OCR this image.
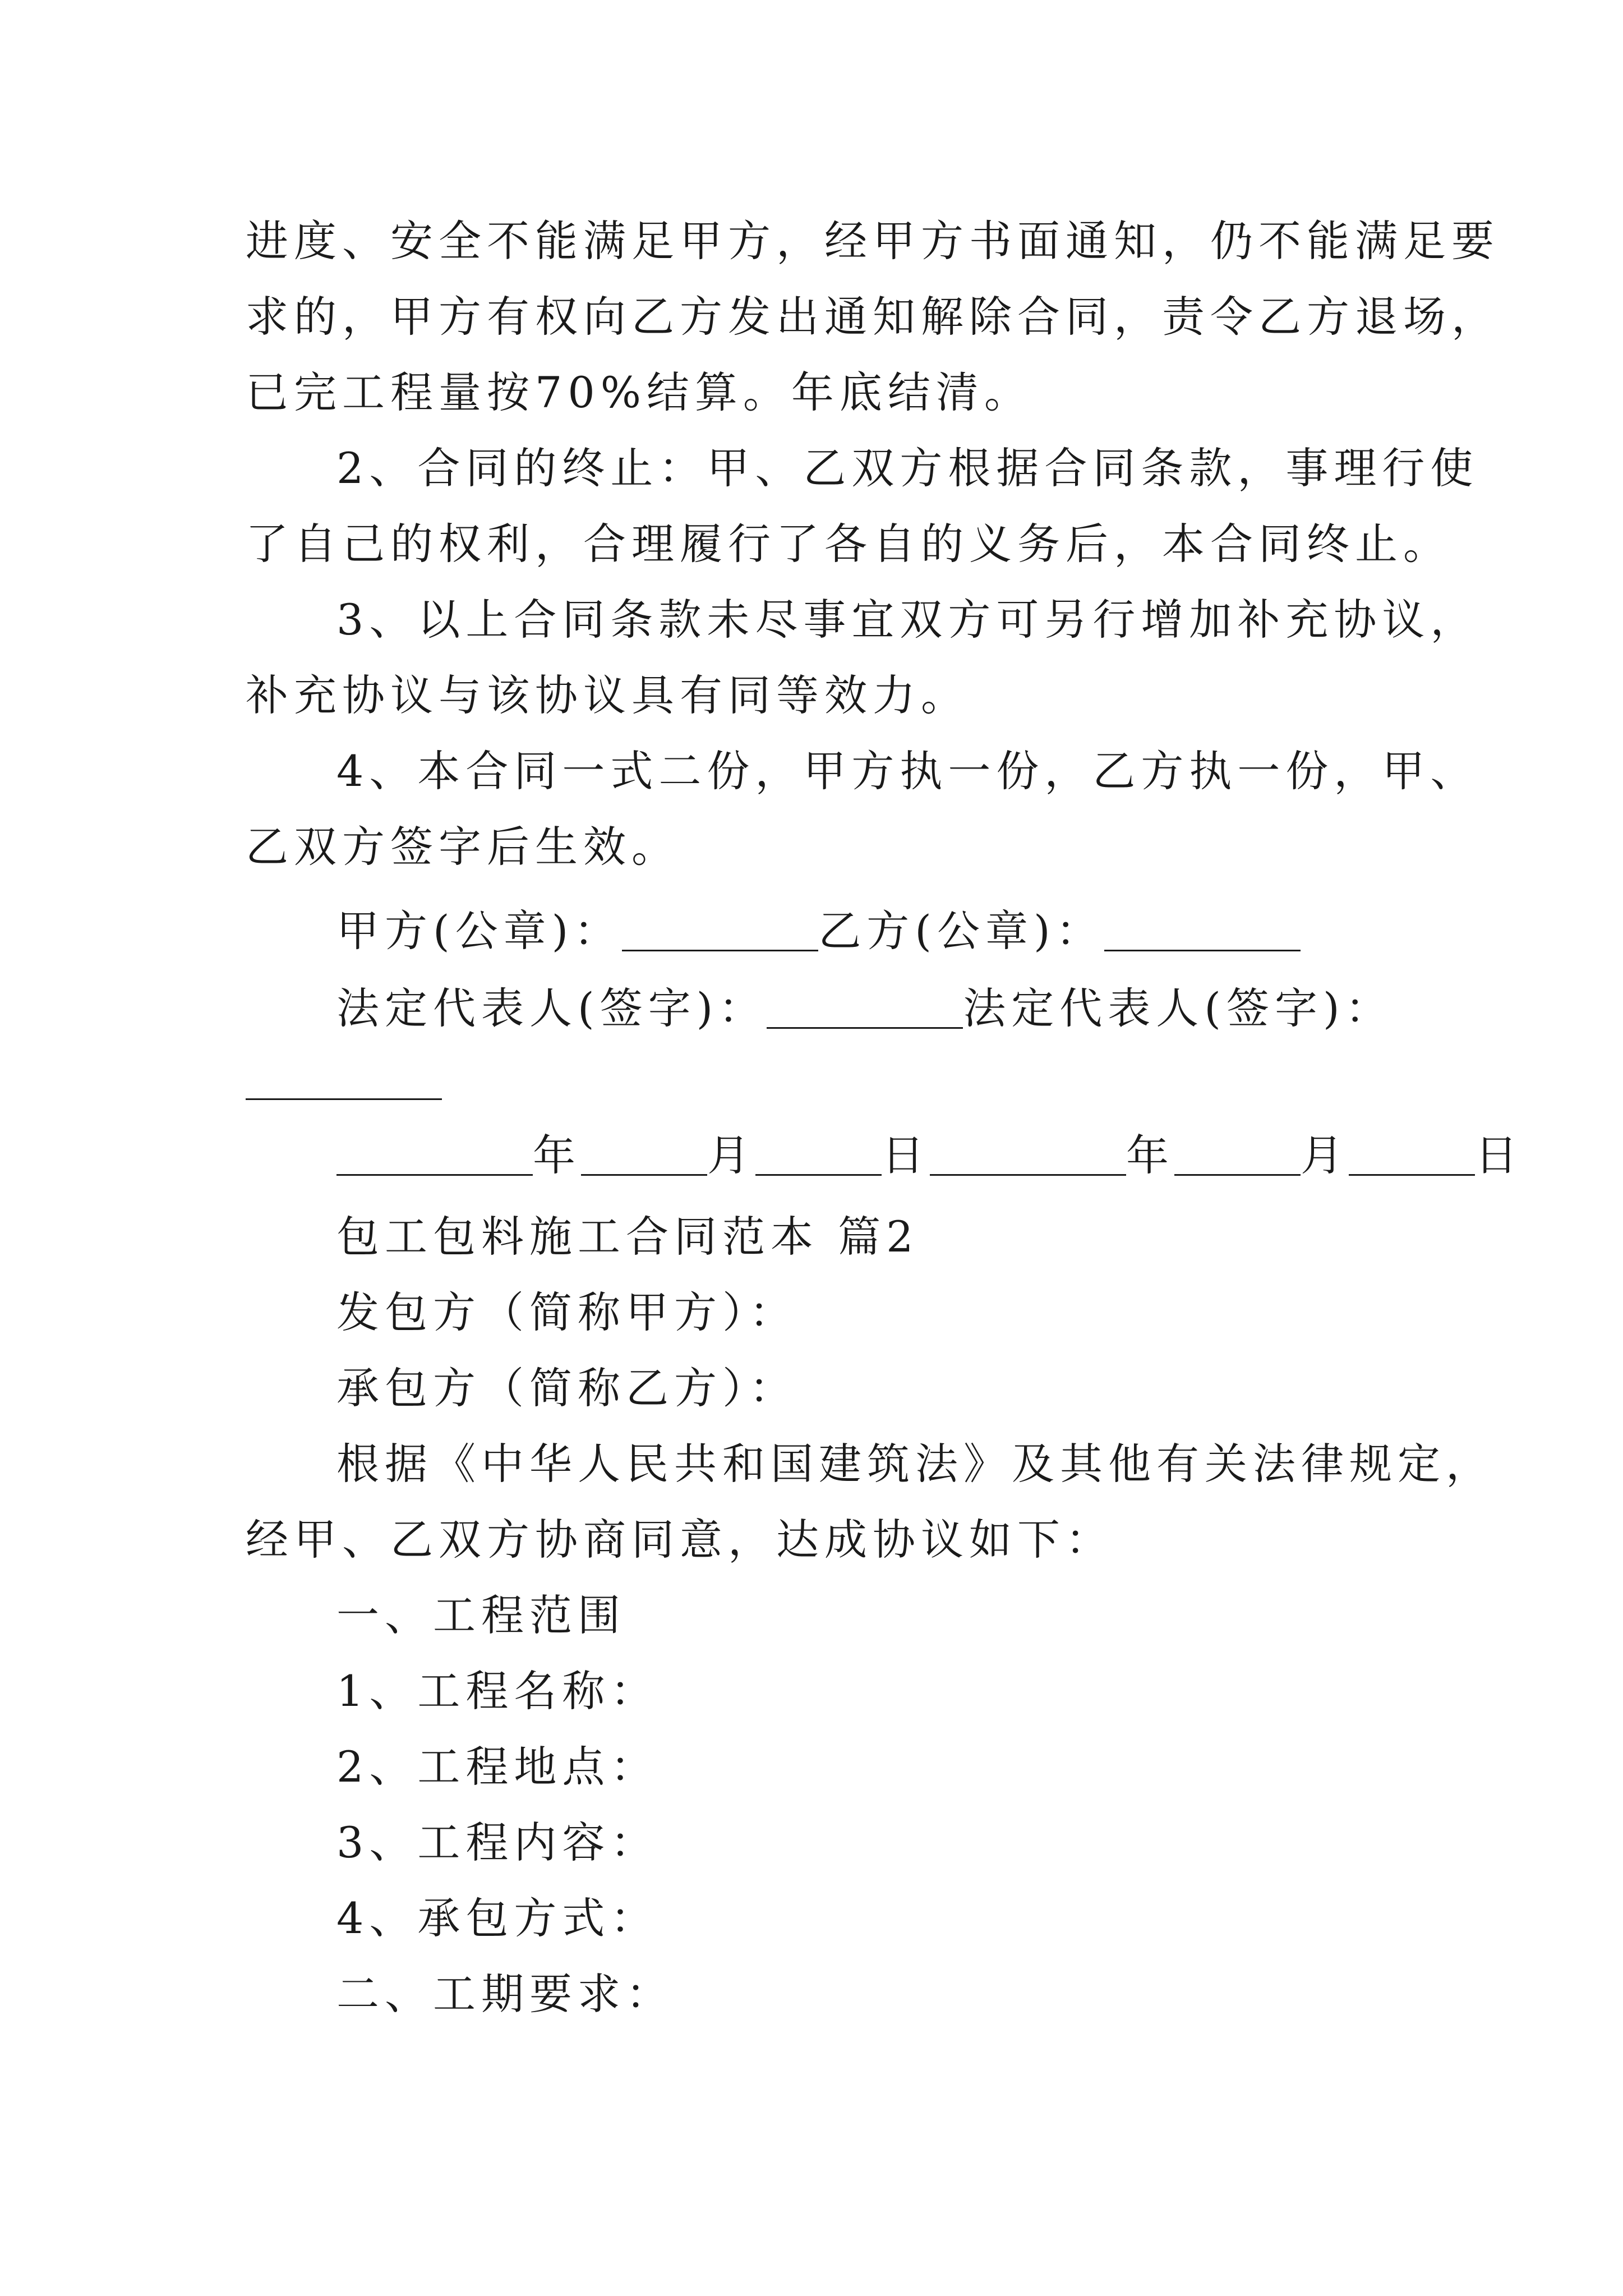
进度、安全不能满足甲方，经甲方书面通知，仍不能满足要
求的，甲方有权向乙方发出通知解除合同，责令乙方退场，
已完工程量按70%结算。年底结清。
2、合同的终止：甲、乙双方根据合同条款，事理行使
了自己的权利，合理履行了各自的义务后，本合同终止。
3、以上合同条款未尽事宜双方可另行增加补充协议，
补充协议与该协议具有同等效力。
4、本合同一式二份，甲方执一份，乙方执一份，甲、
乙双方签字后生效。
甲方(公章)：	乙方(公章)：
法定代表人(签字)：	法定代表人(签字)：
年	月	日	年	月	日
包工包料施工合同范本 篇2
发包方（简称甲方）：
承包方（简称乙方）：
根据《中华人民共和国建筑法》及其他有关法律规定，
经甲、乙双方协商同意，达成协议如下：
一、工程范围
1、工程名称：
2、工程地点：
3、工程内容：
4、承包方式：
二、工期要求：
